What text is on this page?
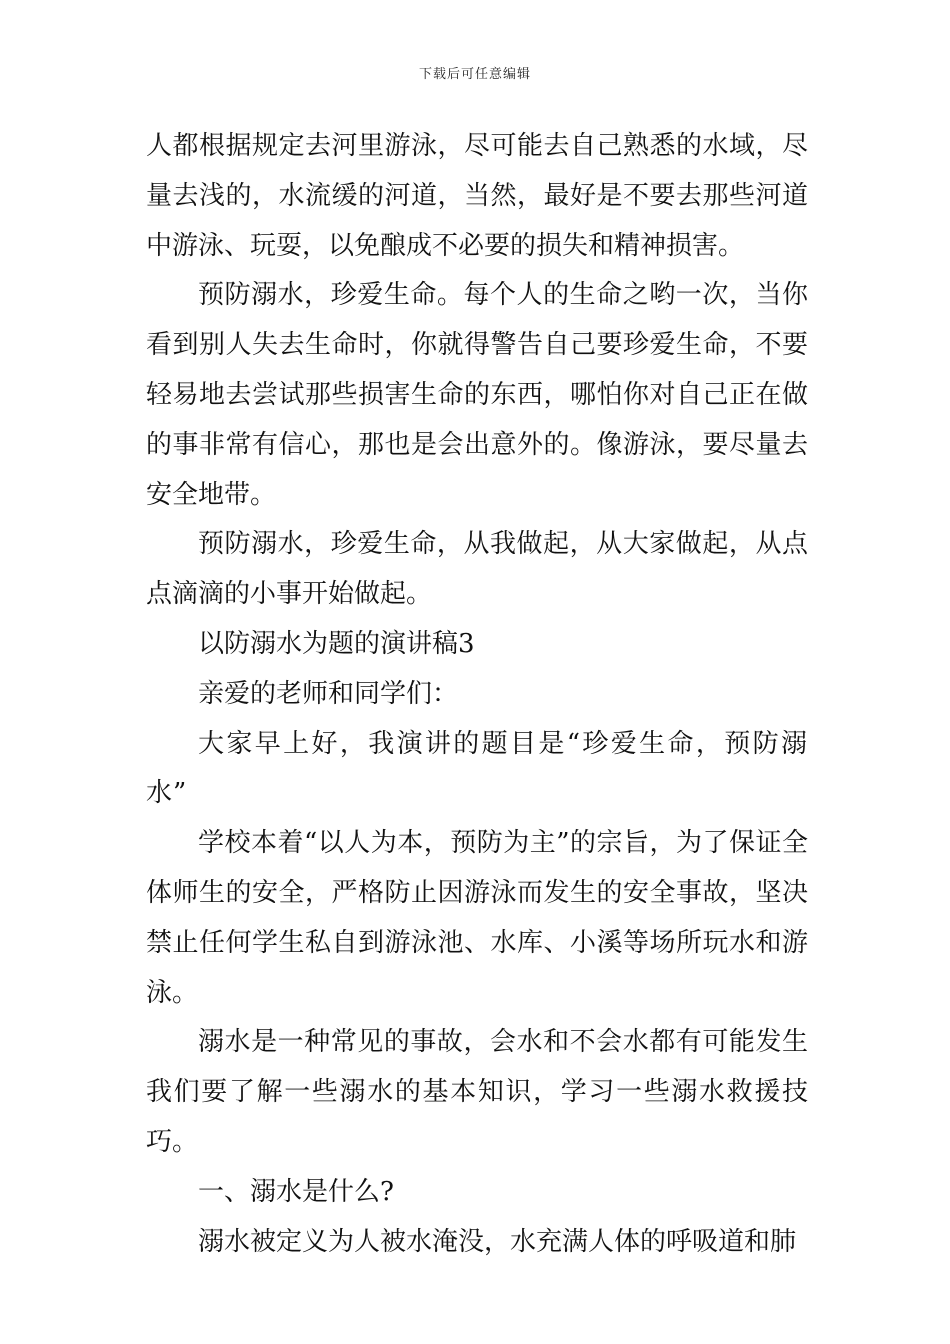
下载后可任意编辑

人都根据规定去河里游泳，尽可能去自己熟悉的水域，尽量去浅的，水流缓的河道，当然，最好是不要去那些河道中游泳、玩耍，以免酿成不必要的损失和精神损害。

预防溺水，珍爱生命。每个人的生命之哟一次，当你看到别人失去生命时，你就得警告自己要珍爱生命，不要轻易地去尝试那些损害生命的东西，哪怕你对自己正在做的事非常有信心，那也是会出意外的。像游泳，要尽量去安全地带。

预防溺水，珍爱生命，从我做起，从大家做起，从点点滴滴的小事开始做起。

以防溺水为题的演讲稿3

亲爱的老师和同学们：

大家早上好，我演讲的题目是“珍爱生命，预防溺水”

学校本着“以人为本，预防为主”的宗旨，为了保证全体师生的安全，严格防止因游泳而发生的安全事故，坚决禁止任何学生私自到游泳池、水库、小溪等场所玩水和游泳。

溺水是一种常见的事故，会水和不会水都有可能发生我们要了解一些溺水的基本知识，学习一些溺水救援技巧。

一、溺水是什么?

溺水被定义为人被水淹没，水充满人体的呼吸道和肺
